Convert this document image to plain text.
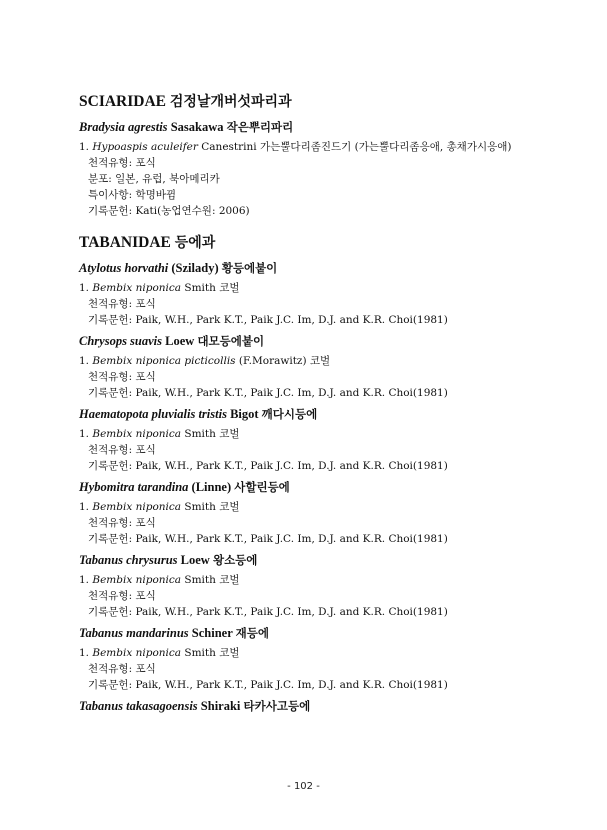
SCIARIDAE 검정날개버섯파리과
Bradysia agrestis Sasakawa 작은뿌리파리
1. Hypoaspis aculeifer Canestrini 가는뿔다리좀진드기 (가는뿔다리좀응애, 총채가시응애)
천적유형: 포식
분포: 일본, 유럽, 북아메리카
특이사항: 학명바뀜
기록문헌: Kati(농업연수원: 2006)
TABANIDAE 등에과
Atylotus horvathi (Szilady) 황등에붙이
1. Bembix niponica Smith 코벌
천적유형: 포식
기록문헌: Paik, W.H., Park K.T., Paik J.C. Im, D.J. and K.R. Choi(1981)
Chrysops suavis Loew 대모등에붙이
1. Bembix niponica picticollis (F.Morawitz) 코벌
천적유형: 포식
기록문헌: Paik, W.H., Park K.T., Paik J.C. Im, D.J. and K.R. Choi(1981)
Haematopota pluvialis tristis Bigot 깨다시등에
1. Bembix niponica Smith 코벌
천적유형: 포식
기록문헌: Paik, W.H., Park K.T., Paik J.C. Im, D.J. and K.R. Choi(1981)
Hybomitra tarandina (Linne) 사할린등에
1. Bembix niponica Smith 코벌
천적유형: 포식
기록문헌: Paik, W.H., Park K.T., Paik J.C. Im, D.J. and K.R. Choi(1981)
Tabanus chrysurus Loew 왕소등에
1. Bembix niponica Smith 코벌
천적유형: 포식
기록문헌: Paik, W.H., Park K.T., Paik J.C. Im, D.J. and K.R. Choi(1981)
Tabanus mandarinus Schiner 재등에
1. Bembix niponica Smith 코벌
천적유형: 포식
기록문헌: Paik, W.H., Park K.T., Paik J.C. Im, D.J. and K.R. Choi(1981)
Tabanus takasagoensis Shiraki 타카사고등에
- 102 -
